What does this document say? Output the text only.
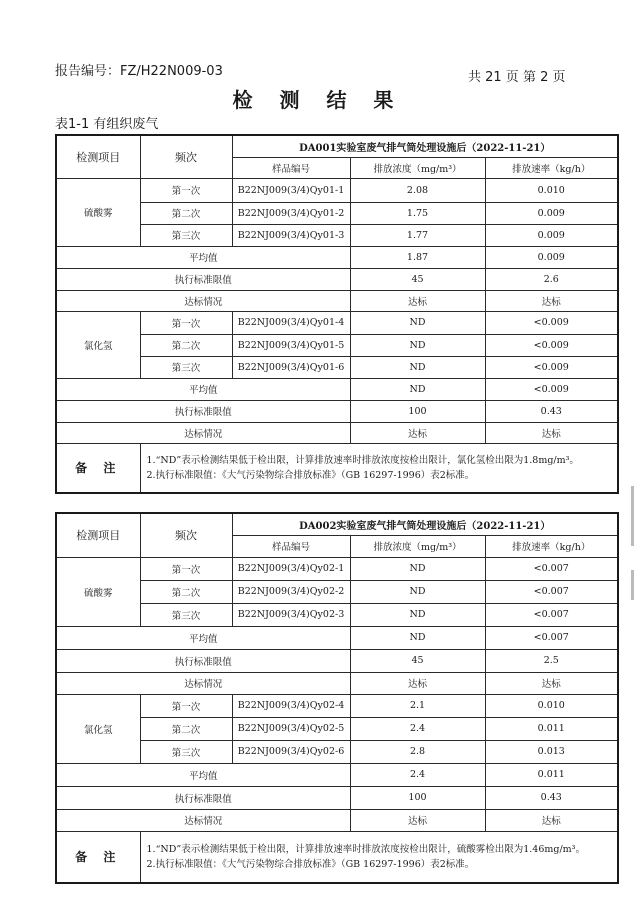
报告编号：FZ/H22N009-03	共 21 页 第 2 页
检 测 结 果
表1-1 有组织废气
检测项目	频次	DA001实验室废气排气筒处理设施后（2022-11-21）		
		样品编号	排放浓度（mg/m³）	排放速率（kg/h）
硫酸雾	第一次	B22NJ009(3/4)Qy01-1	2.08	0.010
	第二次	B22NJ009(3/4)Qy01-2	1.75	0.009
	第三次	B22NJ009(3/4)Qy01-3	1.77	0.009
平均值			1.87	0.009
执行标准限值			45	2.6
达标情况			达标	达标
氯化氢	第一次	B22NJ009(3/4)Qy01-4	ND	<0.009
	第二次	B22NJ009(3/4)Qy01-5	ND	<0.009
	第三次	B22NJ009(3/4)Qy01-6	ND	<0.009
平均值			ND	<0.009
执行标准限值			100	0.43
达标情况			达标	达标
备 注	1.“ND”表示检测结果低于检出限，计算排放速率时排放浓度按检出限计，氯化氢检出限为1.8mg/m³。
2.执行标准限值：《大气污染物综合排放标准》（GB 16297-1996）表2标准。			
检测项目	频次	DA002实验室废气排气筒处理设施后（2022-11-21）		
		样品编号	排放浓度（mg/m³）	排放速率（kg/h）
硫酸雾	第一次	B22NJ009(3/4)Qy02-1	ND	<0.007
	第二次	B22NJ009(3/4)Qy02-2	ND	<0.007
	第三次	B22NJ009(3/4)Qy02-3	ND	<0.007
平均值			ND	<0.007
执行标准限值			45	2.5
达标情况			达标	达标
氯化氢	第一次	B22NJ009(3/4)Qy02-4	2.1	0.010
	第二次	B22NJ009(3/4)Qy02-5	2.4	0.011
	第三次	B22NJ009(3/4)Qy02-6	2.8	0.013
平均值			2.4	0.011
执行标准限值			100	0.43
达标情况			达标	达标
备 注	1.“ND”表示检测结果低于检出限，计算排放速率时排放浓度按检出限计，硫酸雾检出限为1.46mg/m³。
2.执行标准限值：《大气污染物综合排放标准》（GB 16297-1996）表2标准。			
